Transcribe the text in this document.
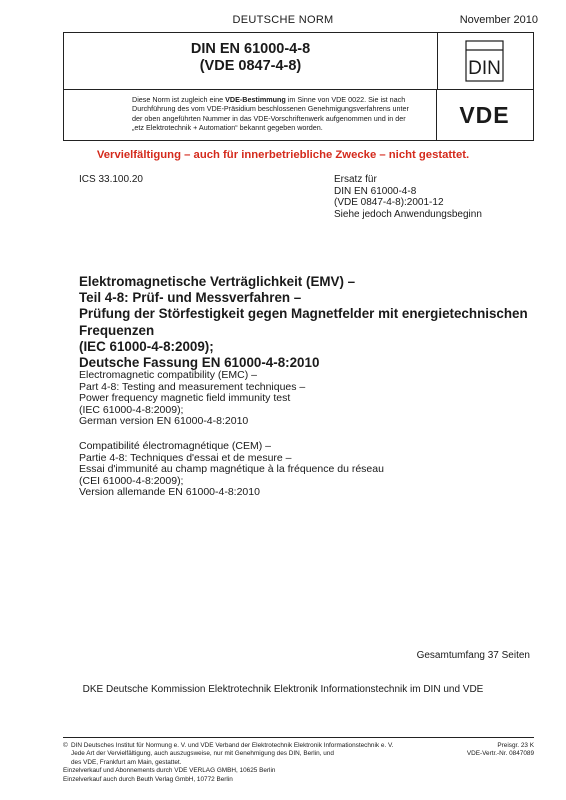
DEUTSCHE NORM	November 2010
DIN EN 61000-4-8
(VDE 0847-4-8)	DIN
Diese Norm ist zugleich eine VDE-Bestimmung im Sinne von VDE 0022. Sie ist nach
Durchführung des vom VDE-Präsidium beschlossenen Genehmigungsverfahrens unter
der oben angeführten Nummer in das VDE-Vorschriftenwerk aufgenommen und in der
„etz Elektrotechnik + Automation“ bekannt gegeben worden.	VDE
Vervielfältigung – auch für innerbetriebliche Zwecke – nicht gestattet.
ICS 33.100.20	Ersatz für
DIN EN 61000-4-8
(VDE 0847-4-8):2001-12
Siehe jedoch Anwendungsbeginn
Elektromagnetische Verträglichkeit (EMV) –
Teil 4-8: Prüf- und Messverfahren –
Prüfung der Störfestigkeit gegen Magnetfelder mit energietechnischen
Frequenzen
(IEC 61000-4-8:2009);
Deutsche Fassung EN 61000-4-8:2010
Electromagnetic compatibility (EMC) –
Part 4-8: Testing and measurement techniques –
Power frequency magnetic field immunity test
(IEC 61000-4-8:2009);
German version EN 61000-4-8:2010
Compatibilité électromagnétique (CEM) –
Partie 4-8: Techniques d'essai et de mesure –
Essai d'immunité au champ magnétique à la fréquence du réseau
(CEI 61000-4-8:2009);
Version allemande EN 61000-4-8:2010
Gesamtumfang 37 Seiten
DKE Deutsche Kommission Elektrotechnik Elektronik Informationstechnik im DIN und VDE
© DIN Deutsches Institut für Normung e. V. und VDE Verband der Elektrotechnik Elektronik Informationstechnik e. V.
Jede Art der Vervielfältigung, auch auszugsweise, nur mit Genehmigung des DIN, Berlin, und
des VDE, Frankfurt am Main, gestattet.
Einzelverkauf und Abonnements durch VDE VERLAG GMBH, 10625 Berlin
Einzelverkauf auch durch Beuth Verlag GmbH, 10772 Berlin
Preisgr. 23 K
VDE-Vertr.-Nr. 0847089
